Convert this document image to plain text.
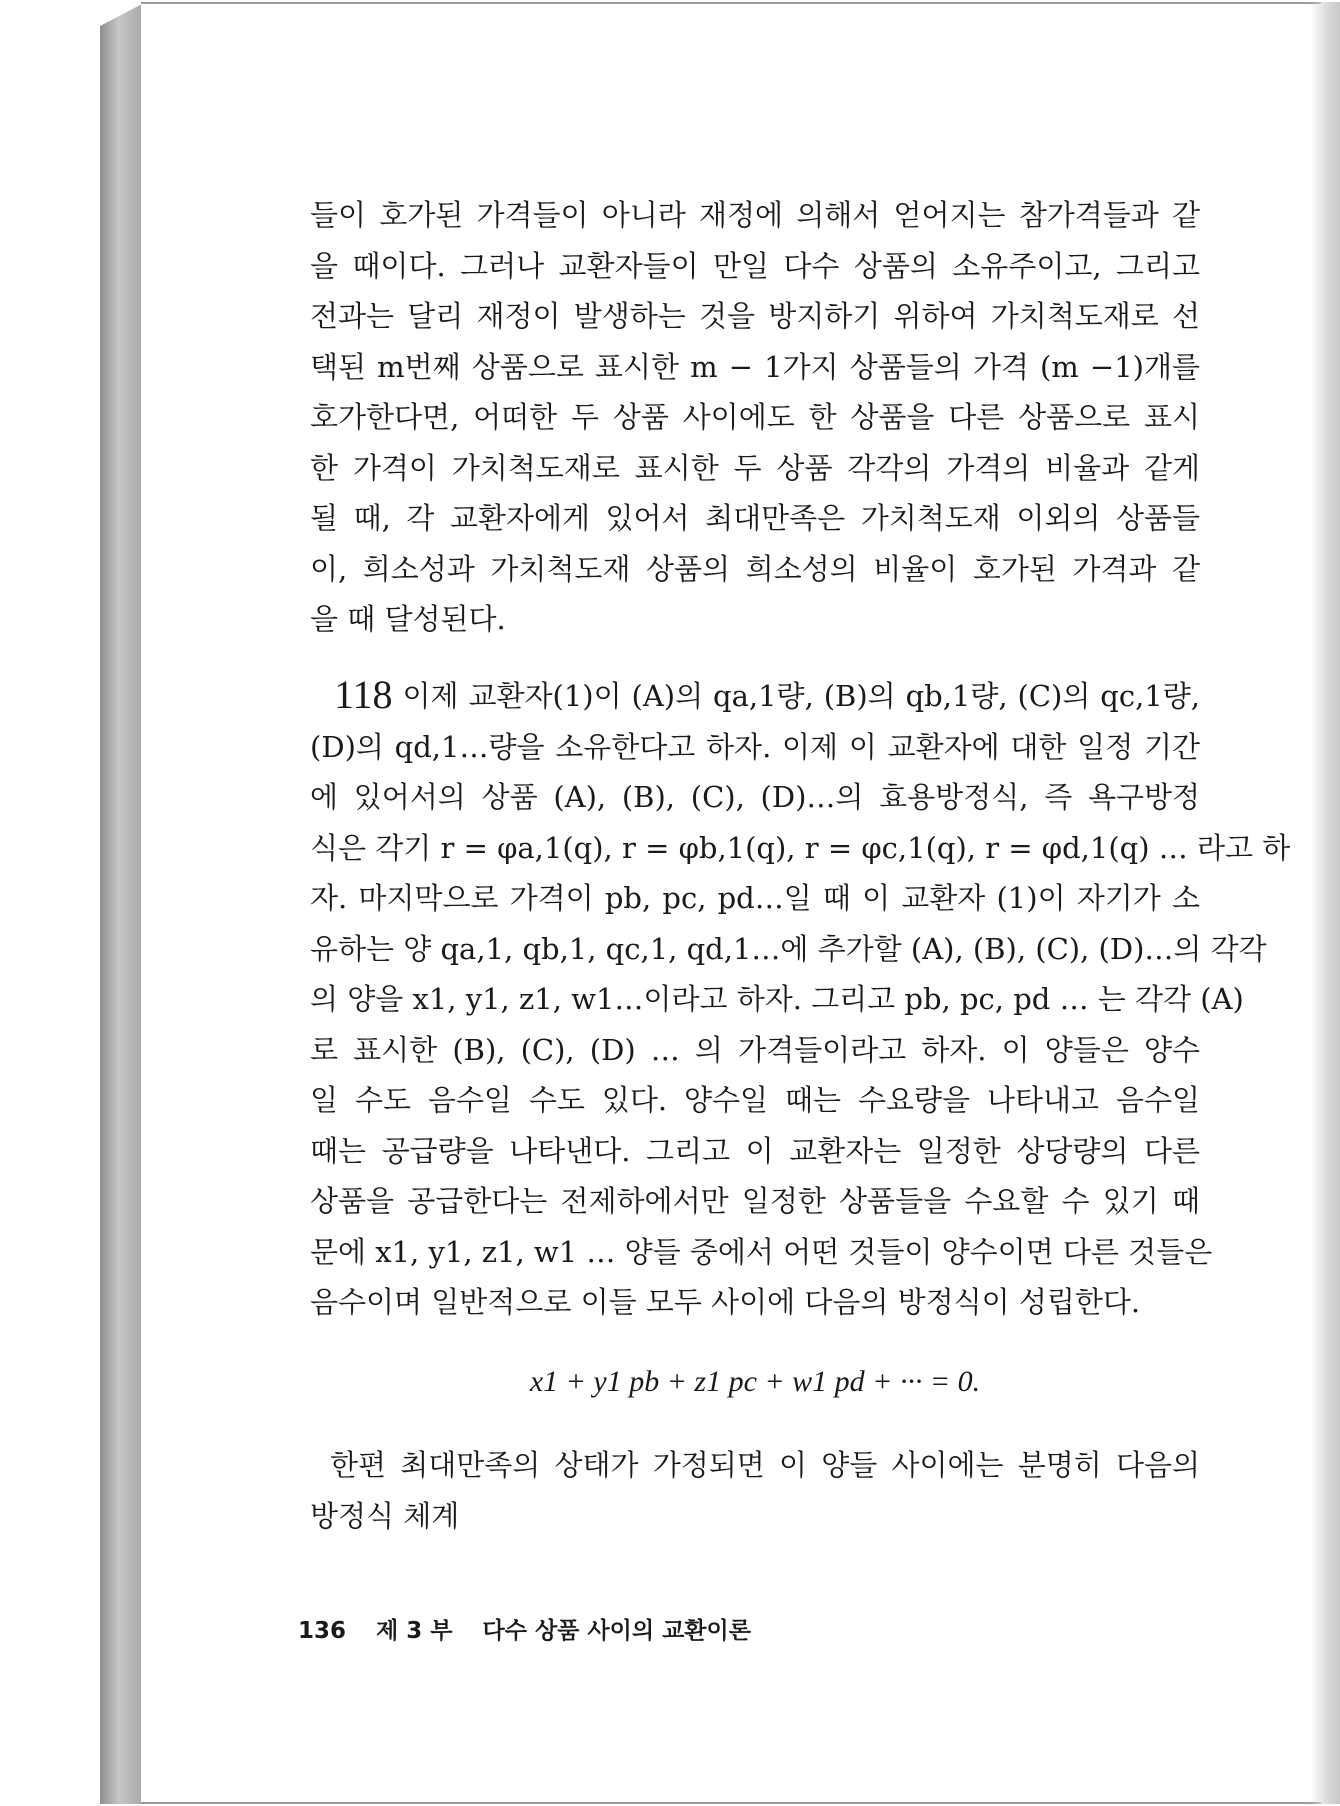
들이 호가된 가격들이 아니라 재정에 의해서 얻어지는 참가격들과 같
을 때이다. 그러나 교환자들이 만일 다수 상품의 소유주이고, 그리고
전과는 달리 재정이 발생하는 것을 방지하기 위하여 가치척도재로 선
택된 m번째 상품으로 표시한 m − 1가지 상품들의 가격 (m −1)개를
호가한다면, 어떠한 두 상품 사이에도 한 상품을 다른 상품으로 표시
한 가격이 가치척도재로 표시한 두 상품 각각의 가격의 비율과 같게
될 때, 각 교환자에게 있어서 최대만족은 가치척도재 이외의 상품들
이, 희소성과 가치척도재 상품의 희소성의 비율이 호가된 가격과 같
을 때 달성된다.
118 이제 교환자(1)이 (A)의 qa,1량, (B)의 qb,1량, (C)의 qc,1량,
(D)의 qd,1…량을 소유한다고 하자. 이제 이 교환자에 대한 일정 기간
에 있어서의 상품 (A), (B), (C), (D)…의 효용방정식, 즉 욕구방정
식은 각기 r = φa,1(q), r = φb,1(q), r = φc,1(q), r = φd,1(q) … 라고 하
자. 마지막으로 가격이 pb, pc, pd…일 때 이 교환자 (1)이 자기가 소
유하는 양 qa,1, qb,1, qc,1, qd,1…에 추가할 (A), (B), (C), (D)…의 각각
의 양을 x1, y1, z1, w1…이라고 하자. 그리고 pb, pc, pd … 는 각각 (A)
로 표시한 (B), (C), (D) … 의 가격들이라고 하자. 이 양들은 양수
일 수도 음수일 수도 있다. 양수일 때는 수요량을 나타내고 음수일
때는 공급량을 나타낸다. 그리고 이 교환자는 일정한 상당량의 다른
상품을 공급한다는 전제하에서만 일정한 상품들을 수요할 수 있기 때
문에 x1, y1, z1, w1 … 양들 중에서 어떤 것들이 양수이면 다른 것들은
음수이며 일반적으로 이들 모두 사이에 다음의 방정식이 성립한다.
x1 + y1 pb + z1 pc + w1 pd + ··· = 0.
한편 최대만족의 상태가 가정되면 이 양들 사이에는 분명히 다음의
방정식 체계
136 제 3 부 다수 상품 사이의 교환이론
